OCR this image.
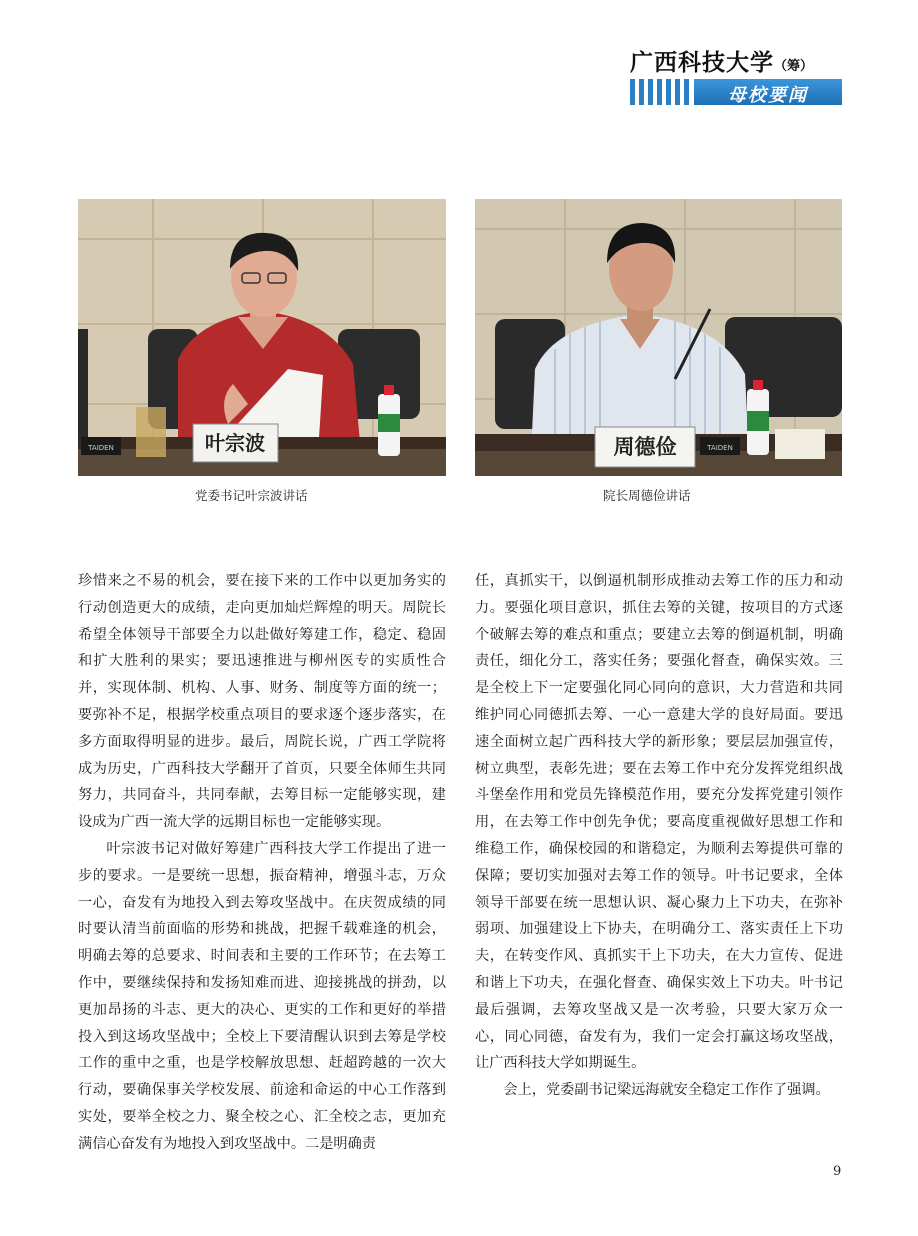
广西科技大学（筹）
母校要闻
叶宗波
TAIDEN
党委书记叶宗波讲话
周德俭	TAIDEN
院长周德俭讲话

珍惜来之不易的机会，要在接下来的工作中以更加务实的行动创造更大的成绩，走向更加灿烂辉煌的明天。周院长希望全体领导干部要全力以赴做好筹建工作，稳定、稳固和扩大胜利的果实；要迅速推进与柳州医专的实质性合并，实现体制、机构、人事、财务、制度等方面的统一；要弥补不足，根据学校重点项目的要求逐个逐步落实，在多方面取得明显的进步。最后，周院长说，广西工学院将成为历史，广西科技大学翻开了首页，只要全体师生共同努力，共同奋斗，共同奉献，去筹目标一定能够实现，建设成为广西一流大学的远期目标也一定能够实现。

叶宗波书记对做好筹建广西科技大学工作提出了进一步的要求。一是要统一思想，振奋精神，增强斗志，万众一心，奋发有为地投入到去筹攻坚战中。在庆贺成绩的同时要认清当前面临的形势和挑战，把握千载难逢的机会，明确去筹的总要求、时间表和主要的工作环节；在去筹工作中，要继续保持和发扬知难而进、迎接挑战的拼劲，以更加昂扬的斗志、更大的决心、更实的工作和更好的举措投入到这场攻坚战中；全校上下要清醒认识到去筹是学校工作的重中之重，也是学校解放思想、赶超跨越的一次大行动，要确保事关学校发展、前途和命运的中心工作落到实处，要举全校之力、聚全校之心、汇全校之志，更加充满信心奋发有为地投入到攻坚战中。二是明确责

任，真抓实干，以倒逼机制形成推动去筹工作的压力和动力。要强化项目意识，抓住去筹的关键，按项目的方式逐个破解去筹的难点和重点；要建立去筹的倒逼机制，明确责任，细化分工，落实任务；要强化督查，确保实效。三是全校上下一定要强化同心同向的意识，大力营造和共同维护同心同德抓去筹、一心一意建大学的良好局面。要迅速全面树立起广西科技大学的新形象；要层层加强宣传，树立典型，表彰先进；要在去筹工作中充分发挥党组织战斗堡垒作用和党员先锋模范作用，要充分发挥党建引领作用，在去筹工作中创先争优；要高度重视做好思想工作和维稳工作，确保校园的和谐稳定，为顺利去筹提供可靠的保障；要切实加强对去筹工作的领导。叶书记要求，全体领导干部要在统一思想认识、凝心聚力上下功夫，在弥补弱项、加强建设上下协夫，在明确分工、落实责任上下功夫，在转变作风、真抓实干上下功夫，在大力宣传、促进和谐上下功夫，在强化督查、确保实效上下功夫。叶书记最后强调，去筹攻坚战又是一次考验，只要大家万众一心，同心同德，奋发有为，我们一定会打赢这场攻坚战，让广西科技大学如期诞生。

会上，党委副书记梁远海就安全稳定工作作了强调。

9
